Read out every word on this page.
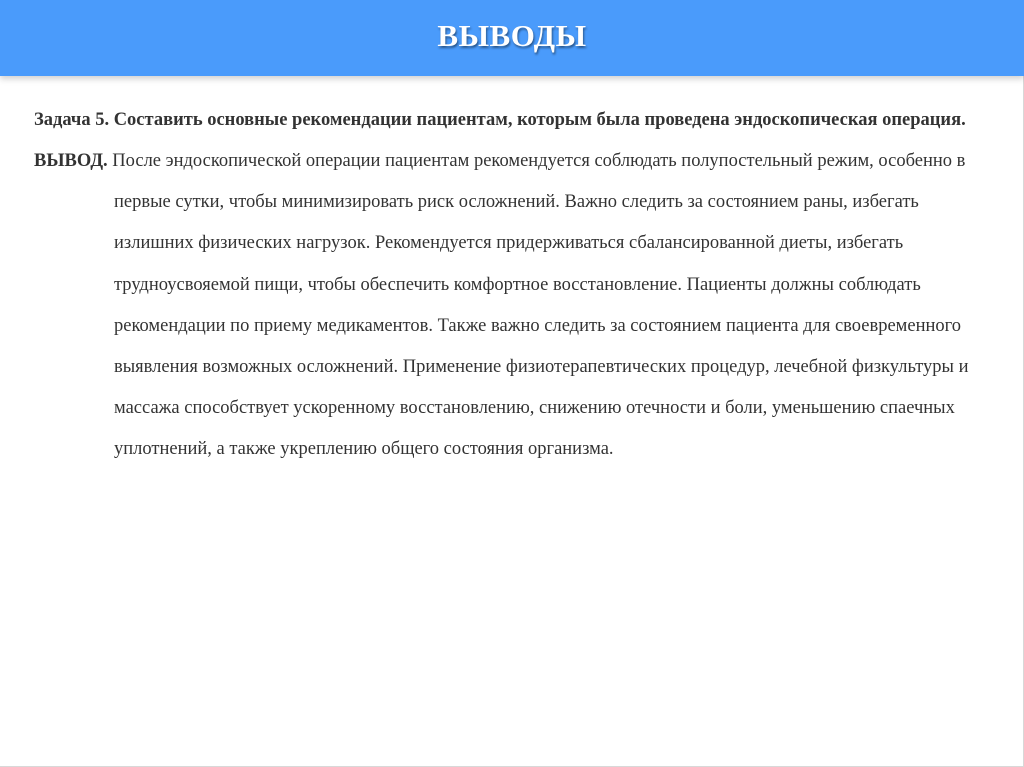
ВЫВОДЫ

Задача 5. Составить основные рекомендации пациентам, которым была проведена эндоскопическая операция.

ВЫВОД. После эндоскопической операции пациентам рекомендуется соблюдать полупостельный режим, особенно в первые сутки, чтобы минимизировать риск осложнений. Важно следить за состоянием раны, избегать излишних физических нагрузок. Рекомендуется придерживаться сбалансированной диеты, избегать трудноусвояемой пищи, чтобы обеспечить комфортное восстановление. Пациенты должны соблюдать рекомендации по приему медикаментов. Также важно следить за состоянием пациента для своевременного выявления возможных осложнений. Применение физиотерапевтических процедур, лечебной физкультуры и массажа способствует ускоренному восстановлению, снижению отечности и боли, уменьшению спаечных уплотнений, а также укреплению общего состояния организма.
